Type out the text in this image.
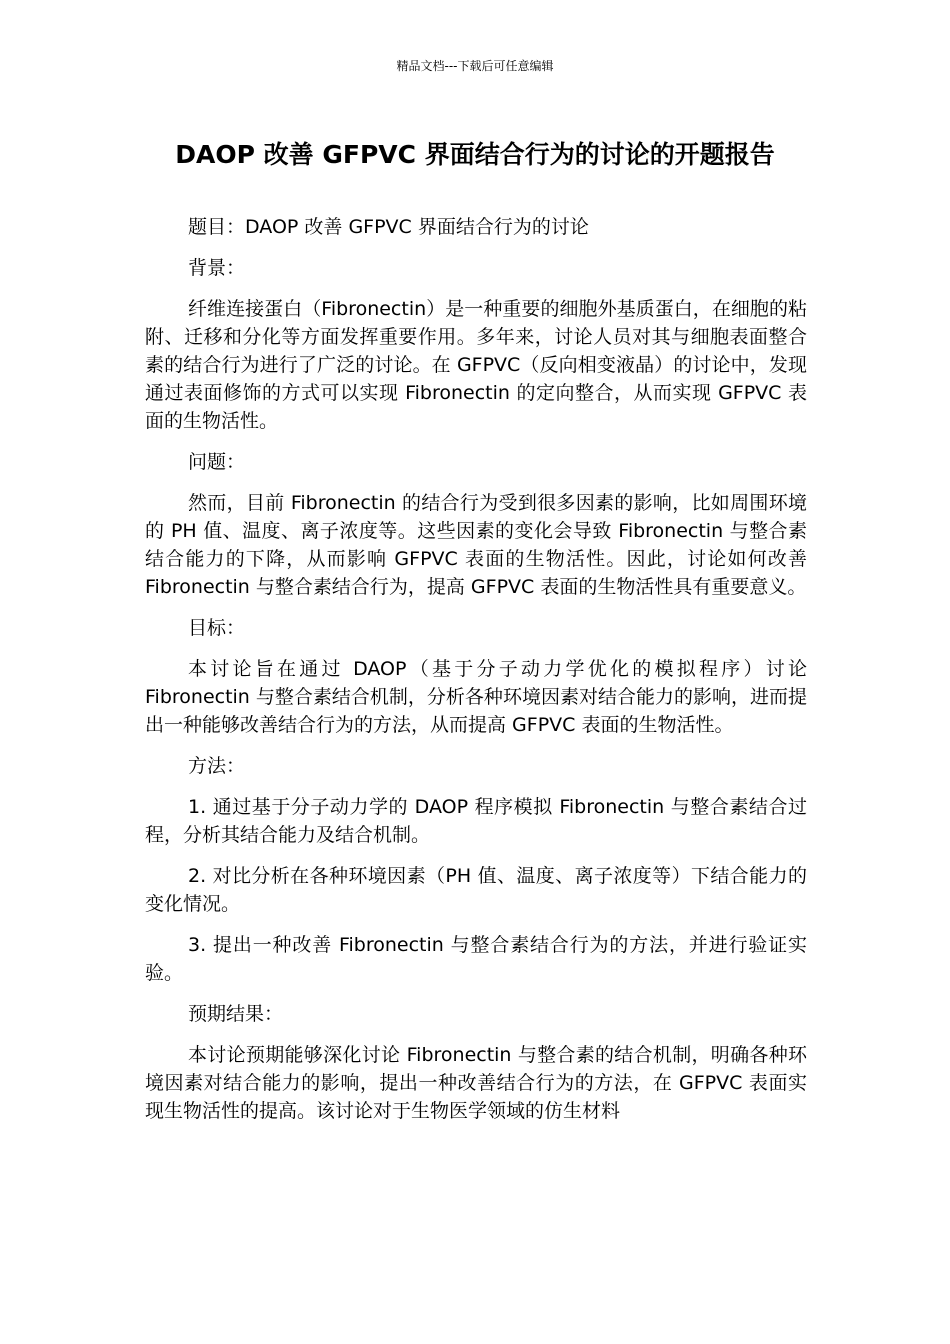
精品文档---下载后可任意编辑
DAOP 改善 GFPVC 界面结合行为的讨论的开题报告

题目：DAOP 改善 GFPVC 界面结合行为的讨论

背景：

纤维连接蛋白（Fibronectin）是一种重要的细胞外基质蛋白，在细胞的粘附、迁移和分化等方面发挥重要作用。多年来，讨论人员对其与细胞表面整合素的结合行为进行了广泛的讨论。在 GFPVC（反向相变液晶）的讨论中，发现通过表面修饰的方式可以实现 Fibronectin 的定向整合，从而实现 GFPVC 表面的生物活性。

问题：

然而，目前 Fibronectin 的结合行为受到很多因素的影响，比如周围环境的 PH 值、温度、离子浓度等。这些因素的变化会导致 Fibronectin 与整合素结合能力的下降，从而影响 GFPVC 表面的生物活性。因此，讨论如何改善 Fibronectin 与整合素结合行为，提高 GFPVC 表面的生物活性具有重要意义。

目标：

本讨论旨在通过 DAOP（基于分子动力学优化的模拟程序）讨论 Fibronectin 与整合素结合机制，分析各种环境因素对结合能力的影响，进而提出一种能够改善结合行为的方法，从而提高 GFPVC 表面的生物活性。

方法：

1. 通过基于分子动力学的 DAOP 程序模拟 Fibronectin 与整合素结合过程，分析其结合能力及结合机制。

2. 对比分析在各种环境因素（PH 值、温度、离子浓度等）下结合能力的变化情况。

3. 提出一种改善 Fibronectin 与整合素结合行为的方法，并进行验证实验。

预期结果：

本讨论预期能够深化讨论 Fibronectin 与整合素的结合机制，明确各种环境因素对结合能力的影响，提出一种改善结合行为的方法，在 GFPVC 表面实现生物活性的提高。该讨论对于生物医学领域的仿生材料
